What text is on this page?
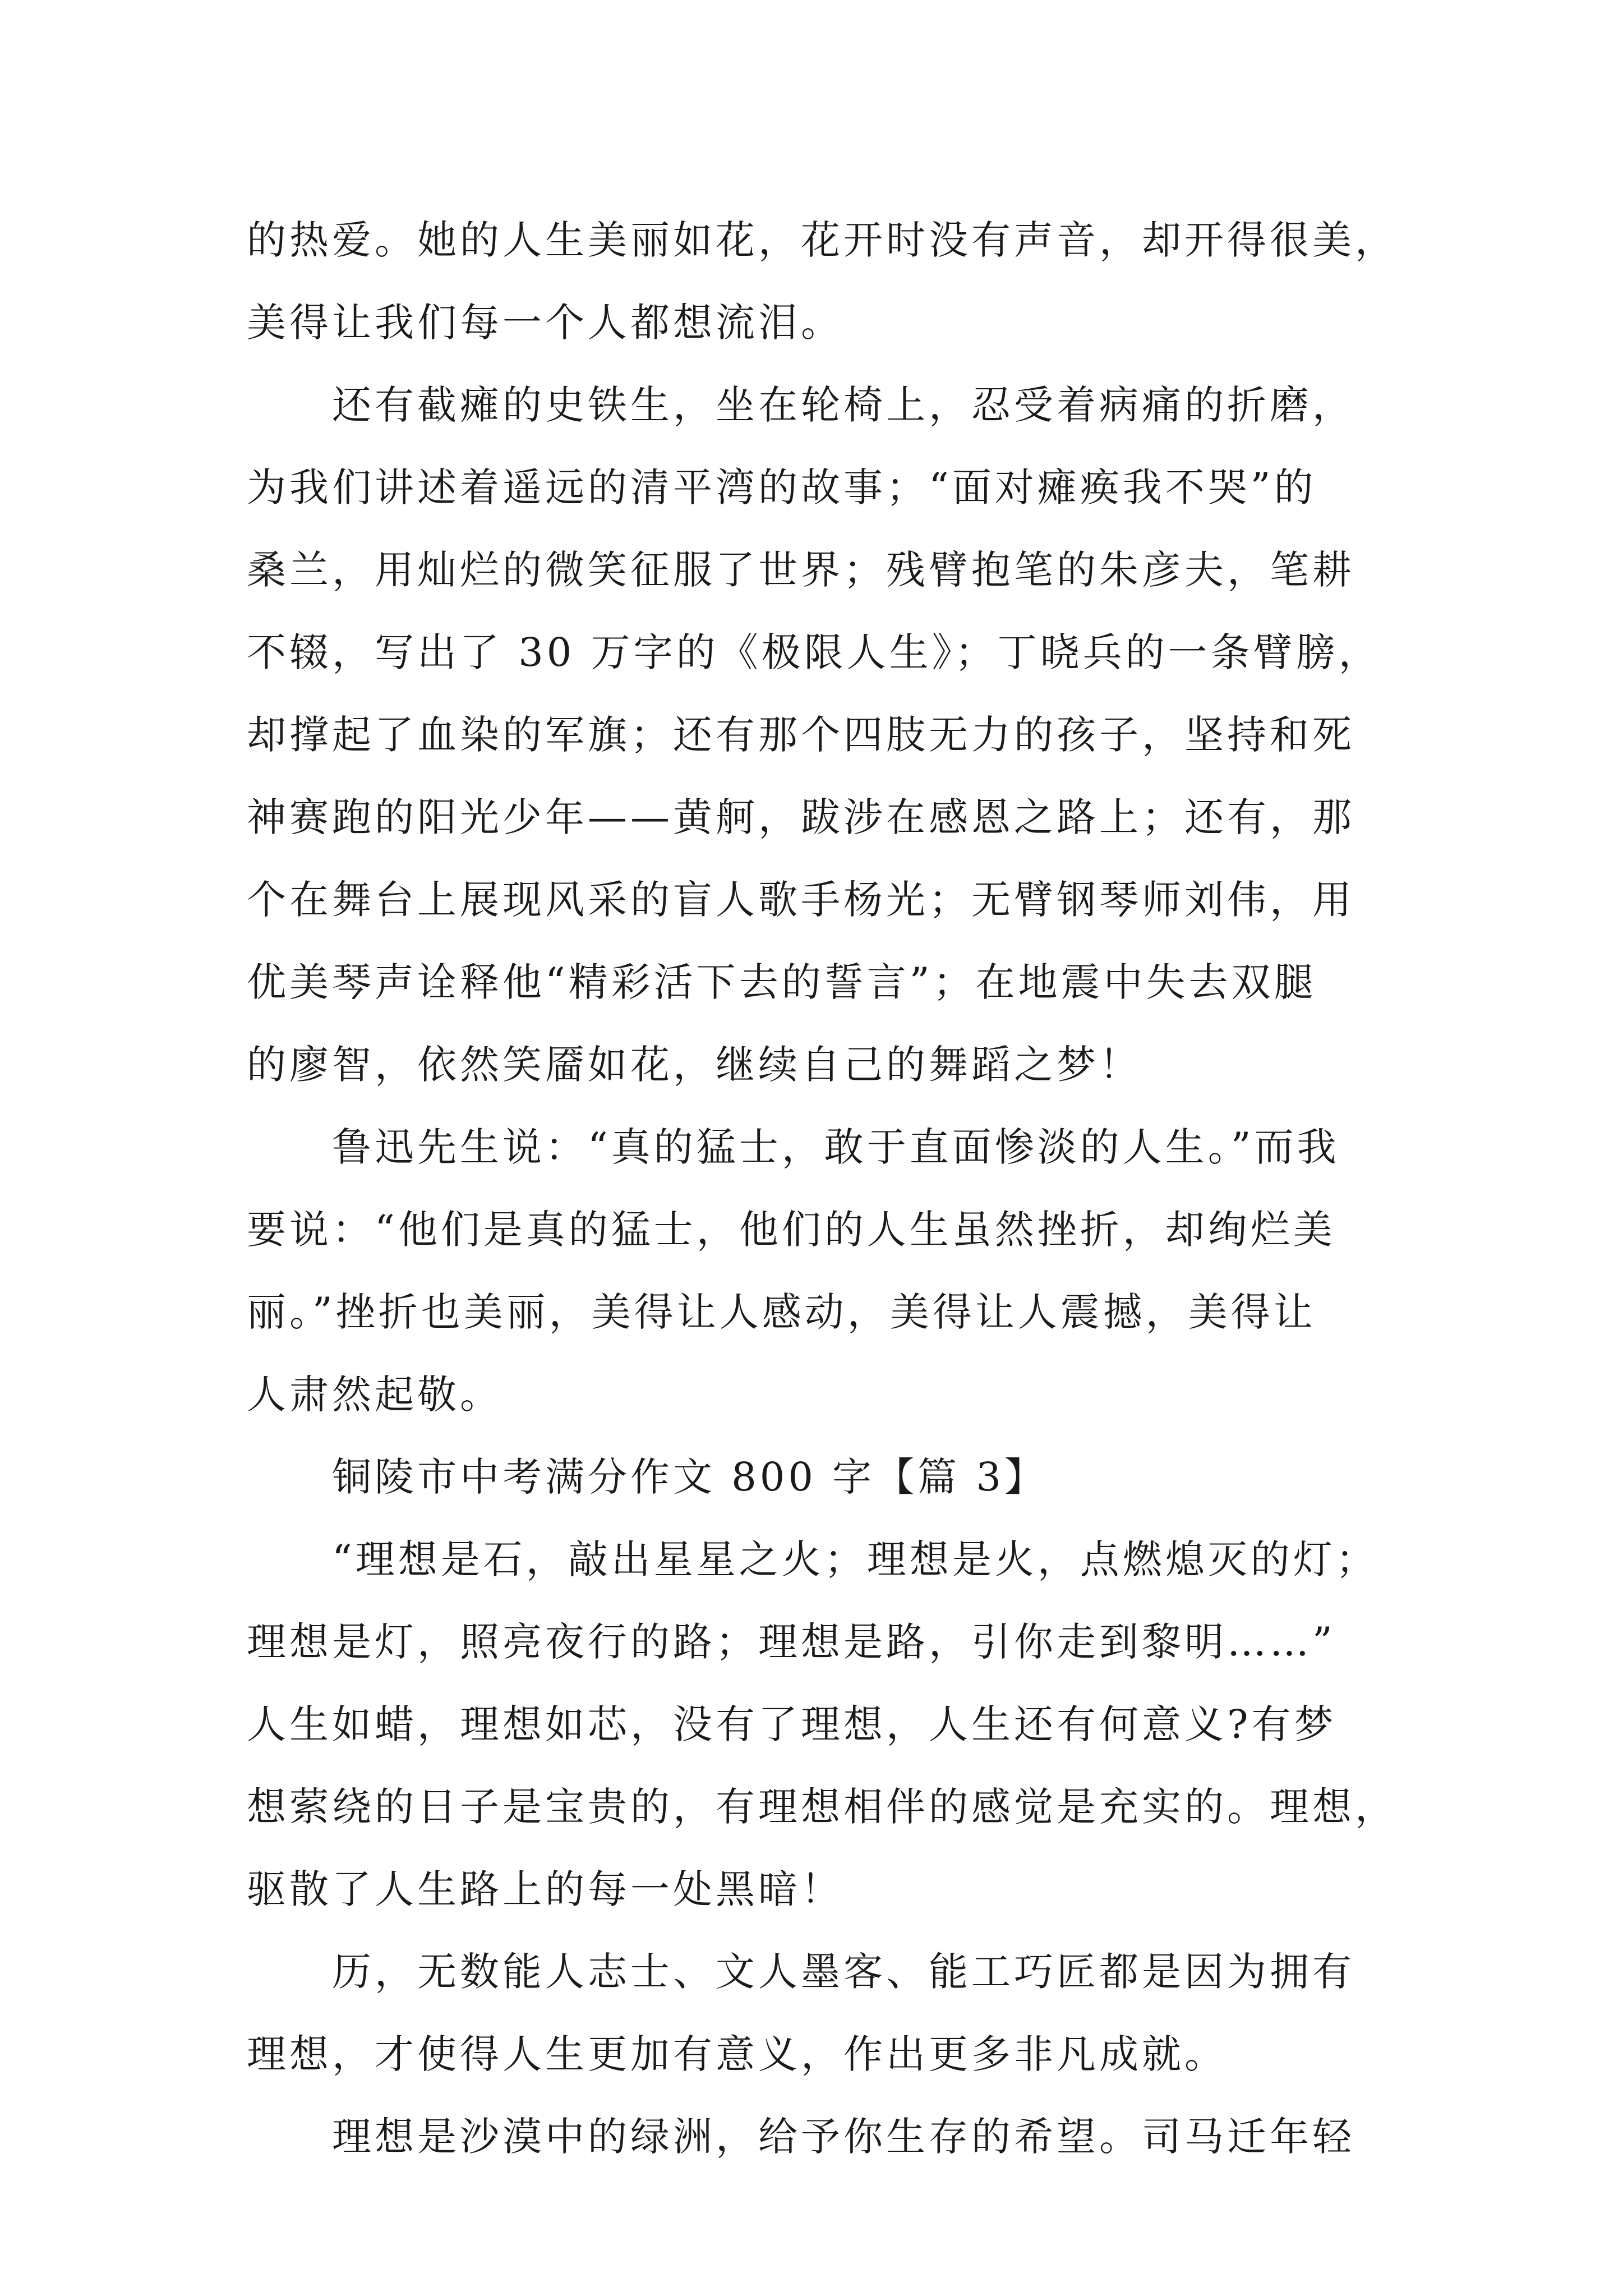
的热爱。她的人生美丽如花，花开时没有声音，却开得很美，
美得让我们每一个人都想流泪。
还有截瘫的史铁生，坐在轮椅上，忍受着病痛的折磨，
为我们讲述着遥远的清平湾的故事；“面对瘫痪我不哭”的
桑兰，用灿烂的微笑征服了世界；残臂抱笔的朱彦夫，笔耕
不辍，写出了 30 万字的《极限人生》；丁晓兵的一条臂膀，
却撑起了血染的军旗；还有那个四肢无力的孩子，坚持和死
神赛跑的阳光少年——黄舸，跋涉在感恩之路上；还有，那
个在舞台上展现风采的盲人歌手杨光；无臂钢琴师刘伟，用
优美琴声诠释他“精彩活下去的誓言”；在地震中失去双腿
的廖智，依然笑靥如花，继续自己的舞蹈之梦！
鲁迅先生说：“真的猛士，敢于直面惨淡的人生。”而我
要说：“他们是真的猛士，他们的人生虽然挫折，却绚烂美
丽。”挫折也美丽，美得让人感动，美得让人震撼，美得让
人肃然起敬。
铜陵市中考满分作文 800 字【篇 3】
“理想是石，敲出星星之火；理想是火，点燃熄灭的灯；
理想是灯，照亮夜行的路；理想是路，引你走到黎明……”
人生如蜡，理想如芯，没有了理想，人生还有何意义?有梦
想萦绕的日子是宝贵的，有理想相伴的感觉是充实的。理想，
驱散了人生路上的每一处黑暗！
历，无数能人志士、文人墨客、能工巧匠都是因为拥有
理想，才使得人生更加有意义，作出更多非凡成就。
理想是沙漠中的绿洲，给予你生存的希望。司马迁年轻
